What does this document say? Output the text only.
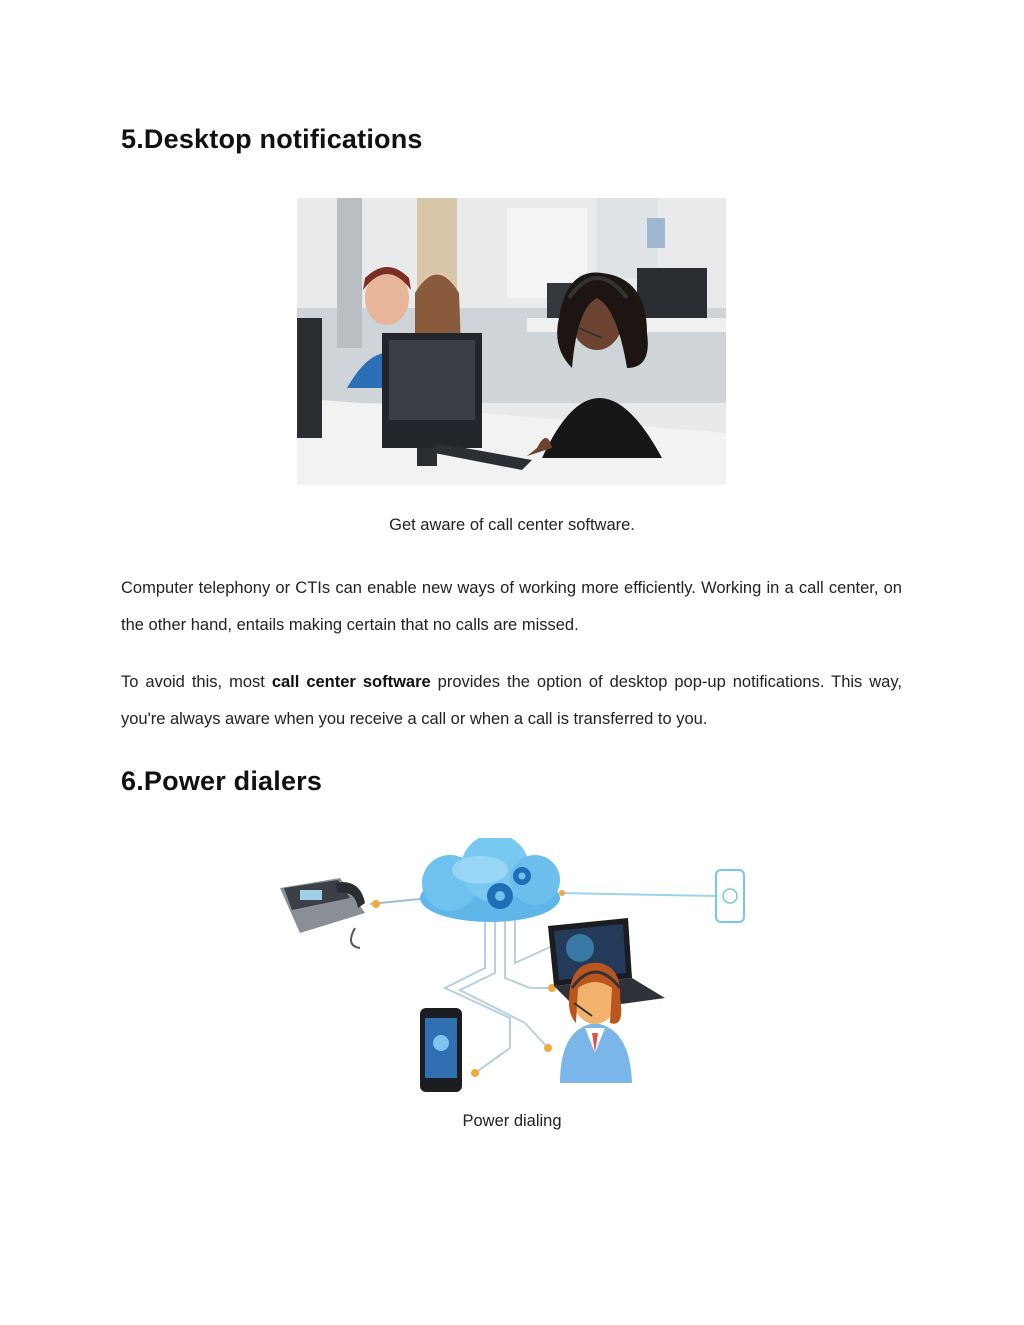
5.Desktop notifications
Get aware of call center software.

Computer telephony or CTIs can enable new ways of working more efficiently. Working in a call center, on the other hand, entails making certain that no calls are missed.

To avoid this, most call center software provides the option of desktop pop-up notifications. This way, you're always aware when you receive a call or when a call is transferred to you.

6.Power dialers
Power dialing
